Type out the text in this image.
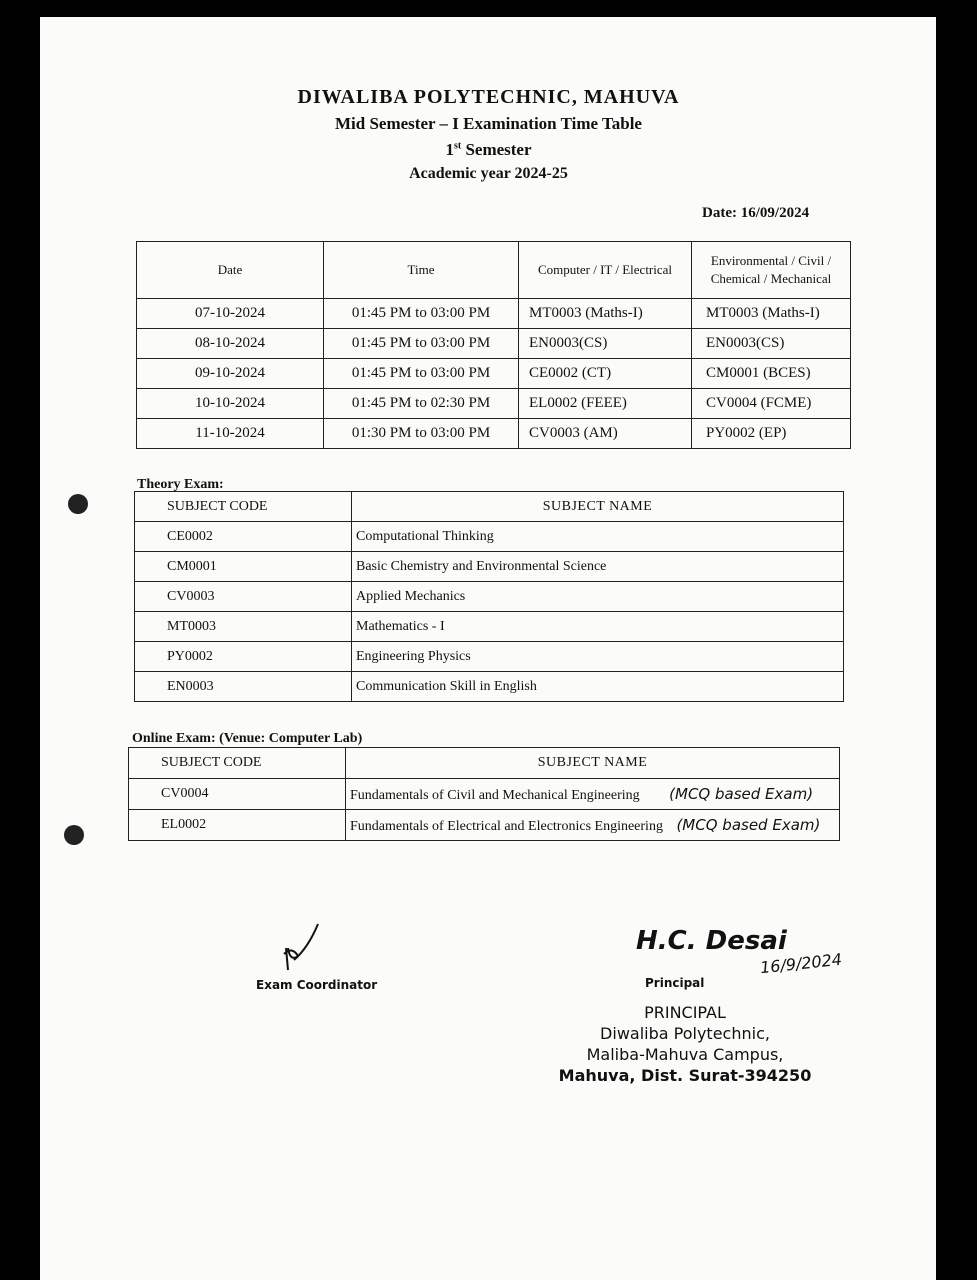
DIWALIBA POLYTECHNIC, MAHUVA
Mid Semester – I Examination Time Table
1st Semester
Academic year 2024-25
Date: 16/09/2024
Date	Time	Computer / IT / Electrical	Environmental / Civil / Chemical / Mechanical
07-10-2024	01:45 PM to 03:00 PM	MT0003 (Maths-I)	MT0003 (Maths-I)
08-10-2024	01:45 PM to 03:00 PM	EN0003(CS)	EN0003(CS)
09-10-2024	01:45 PM to 03:00 PM	CE0002 (CT)	CM0001 (BCES)
10-10-2024	01:45 PM to 02:30 PM	EL0002 (FEEE)	CV0004 (FCME)
11-10-2024	01:30 PM to 03:00 PM	CV0003 (AM)	PY0002 (EP)
Theory Exam:
SUBJECT CODE	SUBJECT NAME
CE0002	Computational Thinking
CM0001	Basic Chemistry and Environmental Science
CV0003	Applied Mechanics
MT0003	Mathematics - I
PY0002	Engineering Physics
EN0003	Communication Skill in English
Online Exam: (Venue: Computer Lab)
SUBJECT CODE	SUBJECT NAME
CV0004	Fundamentals of Civil and Mechanical Engineering (MCQ based Exam)
EL0002	Fundamentals of Electrical and Electronics Engineering (MCQ based Exam)
Exam Coordinator
H.C. Desai
16/9/2024
Principal
PRINCIPAL
Diwaliba Polytechnic,
Maliba-Mahuva Campus,
Mahuva, Dist. Surat-394250
